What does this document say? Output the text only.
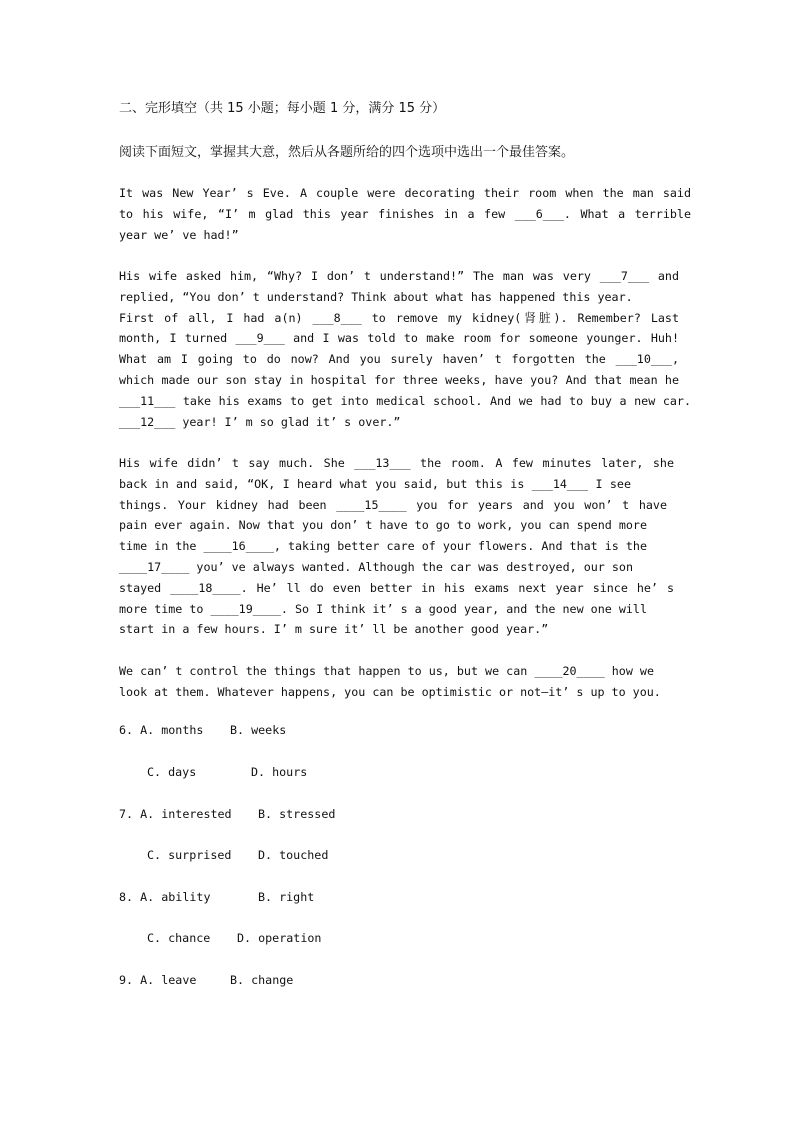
二、完形填空（共 15 小题；每小题 1 分，满分 15 分）
阅读下面短文，掌握其大意，然后从各题所给的四个选项中选出一个最佳答案。
It was New Year’ s Eve. A couple were decorating their room when the man said
to his wife, “I’ m glad this year finishes in a few ___6___. What a terrible
year we’ ve had!”
His wife asked him, “Why? I don’ t understand!” The man was very ___7___ and
replied, “You don’ t understand? Think about what has happened this year.
First of all, I had a(n) ___8___ to remove my kidney(肾脏). Remember? Last
month, I turned ___9___ and I was told to make room for someone younger. Huh!
What am I going to do now? And you surely haven’ t forgotten the ___10___,
which made our son stay in hospital for three weeks, have you? And that mean he
___11___ take his exams to get into medical school. And we had to buy a new car.
___12___ year! I’ m so glad it’ s over.”
His wife didn’ t say much. She ___13___ the room. A few minutes later, she
back in and said, “OK, I heard what you said, but this is ___14___ I see
things. Your kidney had been ____15____ you for years and you won’ t have
pain ever again. Now that you don’ t have to go to work, you can spend more
time in the ____16____, taking better care of your flowers. And that is the
____17____ you’ ve always wanted. Although the car was destroyed, our son
stayed ____18____. He’ ll do even better in his exams next year since he’ s
more time to ____19____. So I think it’ s a good year, and the new one will
start in a few hours. I’ m sure it’ ll be another good year.”
We can’ t control the things that happen to us, but we can ____20____ how we
look at them. Whatever happens, you can be optimistic or not—it’ s up to you.
6. A. months B. weeks
C. days	D. hours
7. A. interested B. stressed
C. surprised D. touched
8. A. ability	B. right
C. chance D. operation
9. A. leave	B. change
